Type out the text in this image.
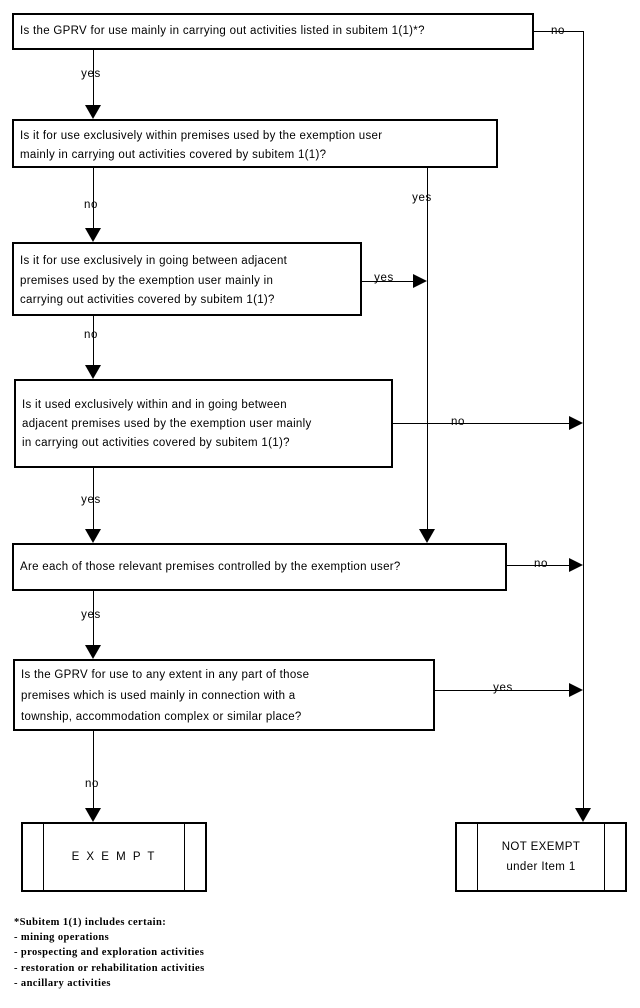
Is the GPRV for use mainly in carrying out activities listed in subitem 1(1)*?
Is it for use exclusively within premises used by the exemption user
mainly in carrying out activities covered by subitem 1(1)?
Is it for use exclusively in going between adjacent
premises used by the exemption user mainly in
carrying out activities covered by subitem 1(1)?
Is it used exclusively within and in going between
adjacent premises used by the exemption user mainly
in carrying out activities covered by subitem 1(1)?
Are each of those relevant premises controlled by the exemption user?
Is the GPRV for use to any extent in any part of those
premises which is used mainly in connection with a
township, accommodation complex or similar place?
E X E M P T
NOT EXEMPT
under Item 1
no
yes
no
yes
yes
no
no
yes
no
yes
yes
no
*Subitem 1(1) includes certain:
- mining operations
- prospecting and exploration activities
- restoration or rehabilitation activities
- ancillary activities
